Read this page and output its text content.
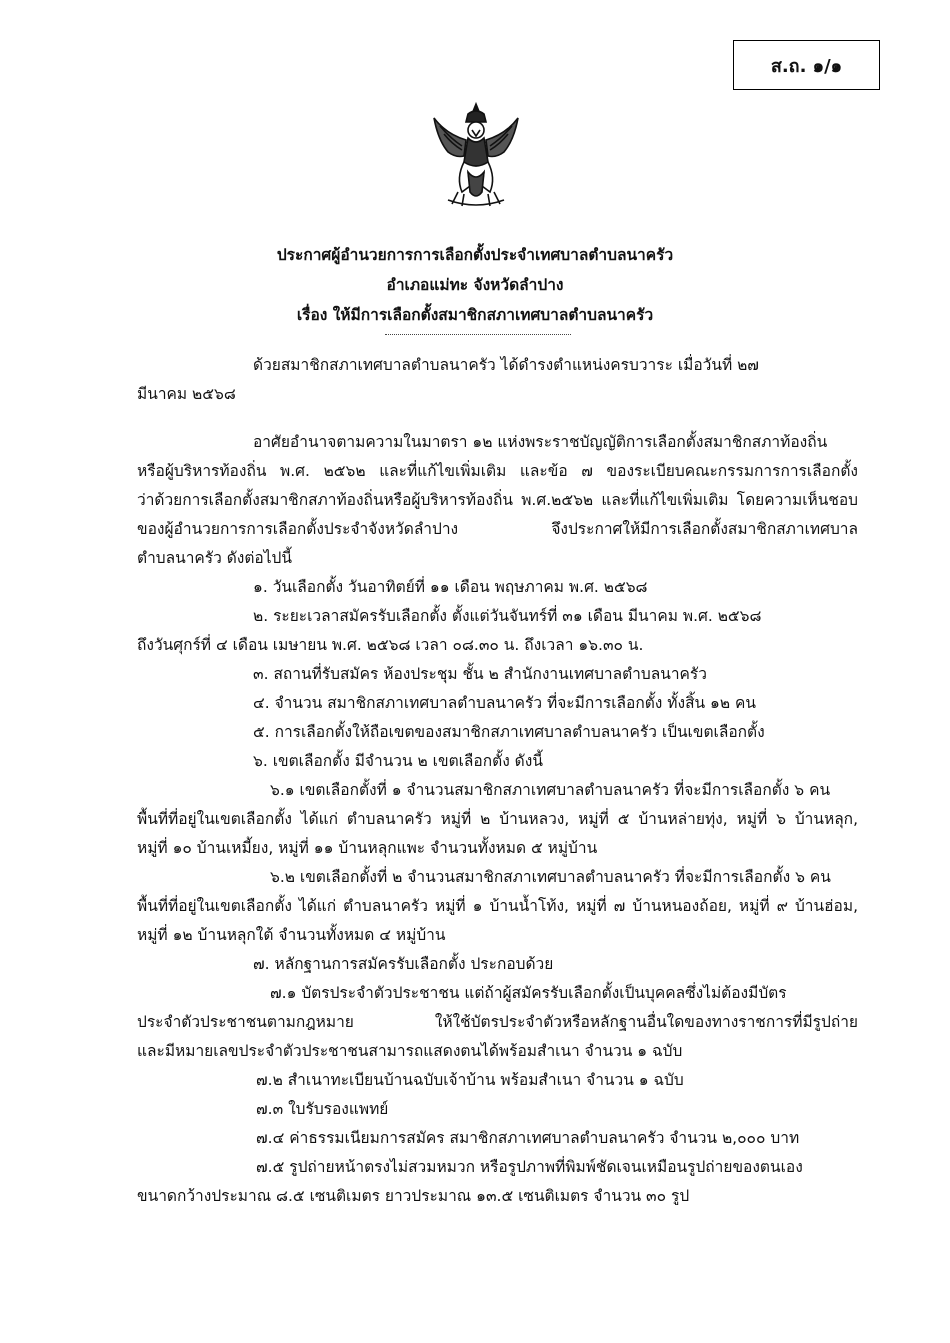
ส.ถ. ๑/๑
ประกาศผู้อำนวยการการเลือกตั้งประจำเทศบาลตำบลนาครัว
อำเภอแม่ทะ จังหวัดลำปาง
เรื่อง ให้มีการเลือกตั้งสมาชิกสภาเทศบาลตำบลนาครัว
ด้วยสมาชิกสภาเทศบาลตำบลนาครัว ได้ดำรงตำแหน่งครบวาระ เมื่อวันที่ ๒๗
มีนาคม ๒๕๖๘
อาศัยอำนาจตามความในมาตรา ๑๒ แห่งพระราชบัญญัติการเลือกตั้งสมาชิกสภาท้องถิ่น
หรือผู้บริหารท้องถิ่น พ.ศ. ๒๕๖๒ และที่แก้ไขเพิ่มเติม และข้อ ๗ ของระเบียบคณะกรรมการการเลือกตั้ง
ว่าด้วยการเลือกตั้งสมาชิกสภาท้องถิ่นหรือผู้บริหารท้องถิ่น พ.ศ.๒๕๖๒ และที่แก้ไขเพิ่มเติม โดยความเห็นชอบ
ของผู้อำนวยการการเลือกตั้งประจำจังหวัดลำปาง จึงประกาศให้มีการเลือกตั้งสมาชิกสภาเทศบาล
ตำบลนาครัว ดังต่อไปนี้
๑. วันเลือกตั้ง วันอาทิตย์ที่ ๑๑ เดือน พฤษภาคม พ.ศ. ๒๕๖๘
๒. ระยะเวลาสมัครรับเลือกตั้ง ตั้งแต่วันจันทร์ที่ ๓๑ เดือน มีนาคม พ.ศ. ๒๕๖๘
ถึงวันศุกร์ที่ ๔ เดือน เมษายน พ.ศ. ๒๕๖๘ เวลา ๐๘.๓๐ น. ถึงเวลา ๑๖.๓๐ น.
๓. สถานที่รับสมัคร ห้องประชุม ชั้น ๒ สำนักงานเทศบาลตำบลนาครัว
๔. จำนวน สมาชิกสภาเทศบาลตำบลนาครัว ที่จะมีการเลือกตั้ง ทั้งสิ้น ๑๒ คน
๕. การเลือกตั้งให้ถือเขตของสมาชิกสภาเทศบาลตำบลนาครัว เป็นเขตเลือกตั้ง
๖. เขตเลือกตั้ง มีจำนวน ๒ เขตเลือกตั้ง ดังนี้
๖.๑ เขตเลือกตั้งที่ ๑ จำนวนสมาชิกสภาเทศบาลตำบลนาครัว ที่จะมีการเลือกตั้ง ๖ คน
พื้นที่ที่อยู่ในเขตเลือกตั้ง ได้แก่ ตำบลนาครัว หมู่ที่ ๒ บ้านหลวง, หมู่ที่ ๕ บ้านหล่ายทุ่ง, หมู่ที่ ๖ บ้านหลุก,
หมู่ที่ ๑๐ บ้านเหมี้ยง, หมู่ที่ ๑๑ บ้านหลุกแพะ จำนวนทั้งหมด ๕ หมู่บ้าน
๖.๒ เขตเลือกตั้งที่ ๒ จำนวนสมาชิกสภาเทศบาลตำบลนาครัว ที่จะมีการเลือกตั้ง ๖ คน
พื้นที่ที่อยู่ในเขตเลือกตั้ง ได้แก่ ตำบลนาครัว หมู่ที่ ๑ บ้านน้ำโท้ง, หมู่ที่ ๗ บ้านหนองถ้อย, หมู่ที่ ๙ บ้านฮ่อม,
หมู่ที่ ๑๒ บ้านหลุกใต้ จำนวนทั้งหมด ๔ หมู่บ้าน
๗. หลักฐานการสมัครรับเลือกตั้ง ประกอบด้วย
๗.๑ บัตรประจำตัวประชาชน แต่ถ้าผู้สมัครรับเลือกตั้งเป็นบุคคลซึ่งไม่ต้องมีบัตร
ประจำตัวประชาชนตามกฎหมาย ให้ใช้บัตรประจำตัวหรือหลักฐานอื่นใดของทางราชการที่มีรูปถ่าย
และมีหมายเลขประจำตัวประชาชนสามารถแสดงตนได้พร้อมสำเนา จำนวน ๑ ฉบับ
๗.๒ สำเนาทะเบียนบ้านฉบับเจ้าบ้าน พร้อมสำเนา จำนวน ๑ ฉบับ
๗.๓ ใบรับรองแพทย์
๗.๔ ค่าธรรมเนียมการสมัคร สมาชิกสภาเทศบาลตำบลนาครัว จำนวน ๒,๐๐๐ บาท
๗.๕ รูปถ่ายหน้าตรงไม่สวมหมวก หรือรูปภาพที่พิมพ์ชัดเจนเหมือนรูปถ่ายของตนเอง
ขนาดกว้างประมาณ ๘.๕ เซนติเมตร ยาวประมาณ ๑๓.๕ เซนติเมตร จำนวน ๓๐ รูป
